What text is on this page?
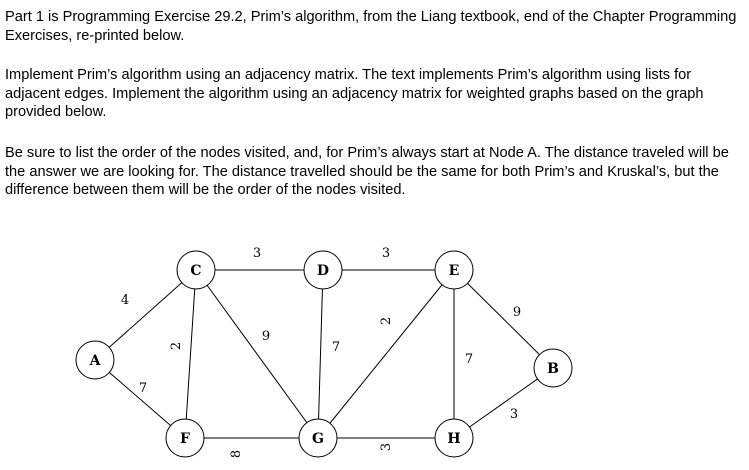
Part 1 is Programming Exercise 29.2, Prim’s algorithm, from the Liang textbook, end of the Chapter Programming Exercises, re-printed below.
Implement Prim’s algorithm using an adjacency matrix. The text implements Prim’s algorithm using lists for adjacent edges. Implement the algorithm using an adjacency matrix for weighted graphs based on the graph provided below.
Be sure to list the order of the nodes visited, and, for Prim’s always start at Node A. The distance traveled will be the answer we are looking for. The distance travelled should be the same for both Prim’s and Kruskal’s, but the difference between them will be the order of the nodes visited.
4
7
2
3
9
3
7
2
7
9
3
8
3
A
C	D	E
B
F	G	H
